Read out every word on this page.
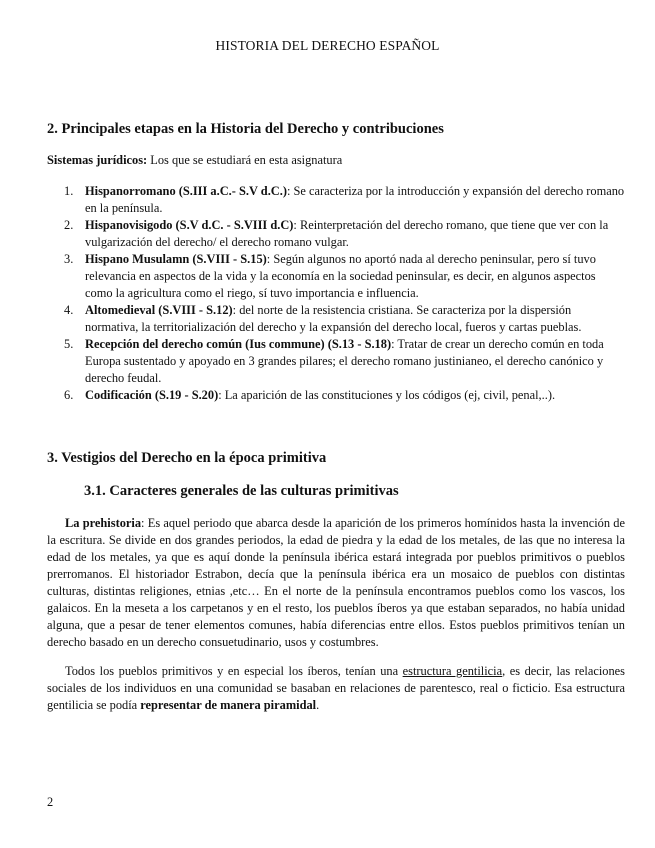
HISTORIA DEL DERECHO ESPAÑOL
2. Principales etapas en la Historia del Derecho y contribuciones
Sistemas jurídicos: Los que se estudiará en esta asignatura
1. Hispanorromano (S.III a.C.- S.V d.C.): Se caracteriza por la introducción y expansión del derecho romano en la península.
2. Hispanovisigodo (S.V d.C. - S.VIII d.C): Reinterpretación del derecho romano, que tiene que ver con la vulgarización del derecho/ el derecho romano vulgar.
3. Hispano Musulamn (S.VIII - S.15): Según algunos no aportó nada al derecho peninsular, pero sí tuvo relevancia en aspectos de la vida y la economía en la sociedad peninsular, es decir, en algunos aspectos como la agricultura como el riego, sí tuvo importancia e influencia.
4. Altomedieval (S.VIII - S.12): del norte de la resistencia cristiana. Se caracteriza por la dispersión normativa, la territorialización del derecho y la expansión del derecho local, fueros y cartas pueblas.
5. Recepción del derecho común (Ius commune) (S.13 - S.18): Tratar de crear un derecho común en toda Europa sustentado y apoyado en 3 grandes pilares; el derecho romano justinianeo, el derecho canónico y derecho feudal.
6. Codificación (S.19 - S.20): La aparición de las constituciones y los códigos (ej, civil, penal,..).
3. Vestigios del Derecho en la época primitiva
3.1. Caracteres generales de las culturas primitivas
La prehistoria: Es aquel periodo que abarca desde la aparición de los primeros homínidos hasta la invención de la escritura. Se divide en dos grandes periodos, la edad de piedra y la edad de los metales, de las que no interesa la edad de los metales, ya que es aquí donde la península ibérica estará integrada por pueblos primitivos o pueblos prerromanos. El historiador Estrabon, decía que la península ibérica era un mosaico de pueblos con distintas culturas, distintas religiones, etnias ,etc… En el norte de la península encontramos pueblos como los vascos, los galaicos. En la meseta a los carpetanos y en el resto, los pueblos íberos ya que estaban separados, no había unidad alguna, que a pesar de tener elementos comunes, había diferencias entre ellos. Estos pueblos primitivos tenían un derecho basado en un derecho consuetudinario, usos y costumbres.
Todos los pueblos primitivos y en especial los íberos, tenían una estructura gentilicia, es decir, las relaciones sociales de los individuos en una comunidad se basaban en relaciones de parentesco, real o ficticio. Esa estructura gentilicia se podía representar de manera piramidal.
2
